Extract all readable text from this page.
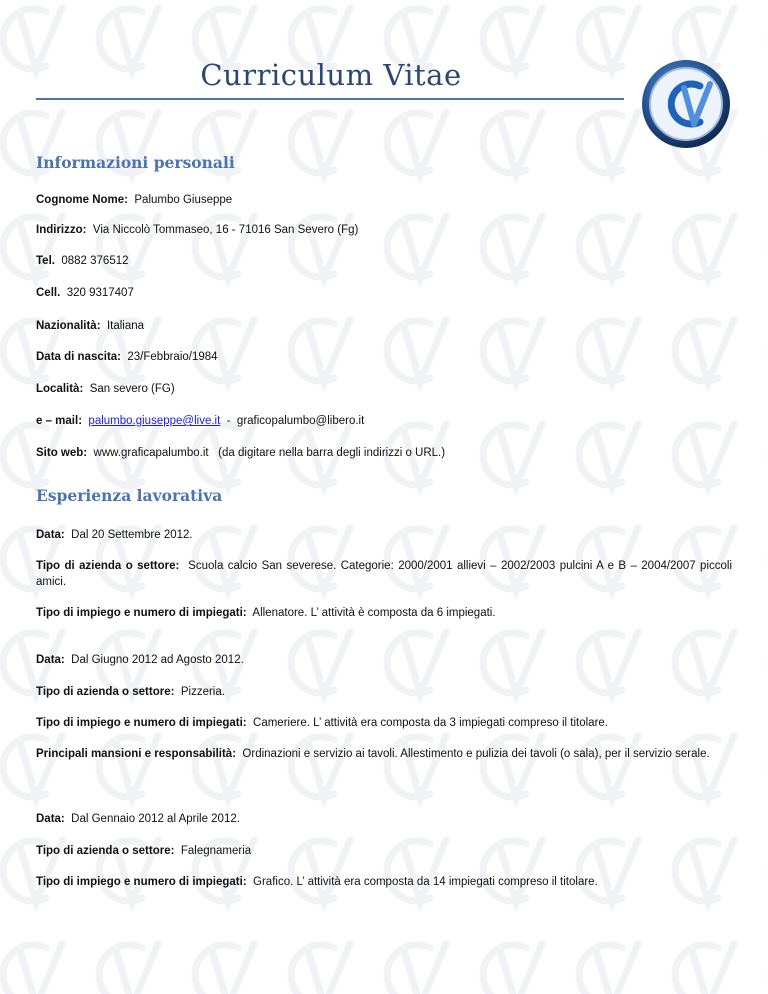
Curriculum Vitae
Informazioni personali
Cognome Nome: Palumbo Giuseppe
Indirizzo: Via Niccolò Tommaseo, 16 - 71016 San Severo (Fg)
Tel. 0882 376512
Cell. 320 9317407
Nazionalità: Italiana
Data di nascita: 23/Febbraio/1984
Località: San severo (FG)
e – mail: palumbo.giuseppe@live.it - graficopalumbo@libero.it
Sito web: www.graficapalumbo.it (da digitare nella barra degli indirizzi o URL.)
Esperienza lavorativa
Data: Dal 20 Settembre 2012.
Tipo di azienda o settore: Scuola calcio San severese. Categorie: 2000/2001 allievi – 2002/2003 pulcini A e B – 2004/2007 piccoli amici.
Tipo di impiego e numero di impiegati: Allenatore. L’ attività è composta da 6 impiegati.
Data: Dal Giugno 2012 ad Agosto 2012.
Tipo di azienda o settore: Pizzeria.
Tipo di impiego e numero di impiegati: Cameriere. L’ attività era composta da 3 impiegati compreso il titolare.
Principali mansioni e responsabilità: Ordinazioni e servizio ai tavoli. Allestimento e pulizia dei tavoli (o sala), per il servizio serale.
Data: Dal Gennaio 2012 al Aprile 2012.
Tipo di azienda o settore: Falegnameria
Tipo di impiego e numero di impiegati: Grafico. L’ attività era composta da 14 impiegati compreso il titolare.
